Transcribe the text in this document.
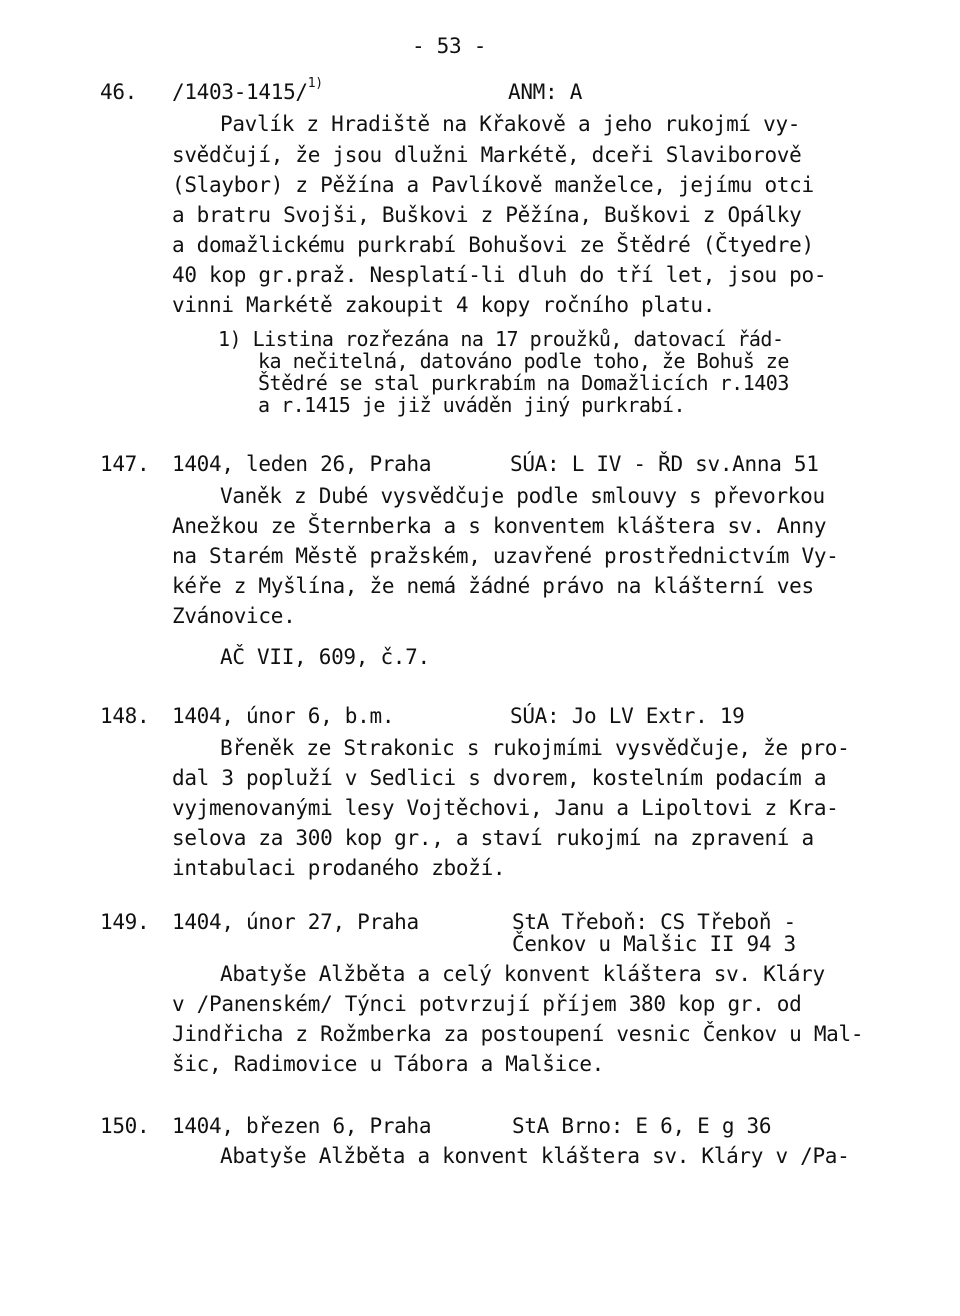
- 53 -
46. /1403-1415/$^{1)}$	ANM: A
Pavlík z Hradiště na Křakově a jeho rukojmí vy-
svědčují, že jsou dlužni Markétě, dceři Slaviborově
(Slaybor) z Pěžína a Pavlíkově manželce, jejímu otci
a bratru Svojši, Buškovi z Pěžína, Buškovi z Opálky
a domažlickému purkrabí Bohušovi ze Štědré (Čtyedre)
40 kop gr.praž. Nesplatí-li dluh do tří let, jsou po-
vinni Markétě zakoupit 4 kopy ročního platu.
1) Listina rozřezána na 17 proužků, datovací řád-
ka nečitelná, datováno podle toho, že Bohuš ze
Štědré se stal purkrabím na Domažlicích r.1403
a r.1415 je již uváděn jiný purkrabí.
147. 1404, leden 26, Praha	SÚA: L IV - ŘD sv.Anna 51
Vaněk z Dubé vysvědčuje podle smlouvy s převorkou
Anežkou ze Šternberka a s konventem kláštera sv. Anny
na Starém Městě pražském, uzavřené prostřednictvím Vy-
kéře z Myšlína, že nemá žádné právo na klášterní ves
Zvánovice.
AČ VII, 609, č.7.
148. 1404, únor 6, b.m.	SÚA: Jo LV Extr. 19
Břeněk ze Strakonic s rukojmími vysvědčuje, že pro-
dal 3 popluží v Sedlici s dvorem, kostelním podacím a
vyjmenovanými lesy Vojtěchovi, Janu a Lipoltovi z Kra-
selova za 300 kop gr., a staví rukojmí na zpravení a
intabulaci prodaného zboží.
149. 1404, únor 27, Praha	StA Třeboň: CS Třeboň -
Čenkov u Malšic II 94 3
Abatyše Alžběta a celý konvent kláštera sv. Kláry
v /Panenském/ Týnci potvrzují příjem 380 kop gr. od
Jindřicha z Rožmberka za postoupení vesnic Čenkov u Mal-
šic, Radimovice u Tábora a Malšice.
150. 1404, březen 6, Praha	StA Brno: E 6, E g 36
Abatyše Alžběta a konvent kláštera sv. Kláry v /Pa-
